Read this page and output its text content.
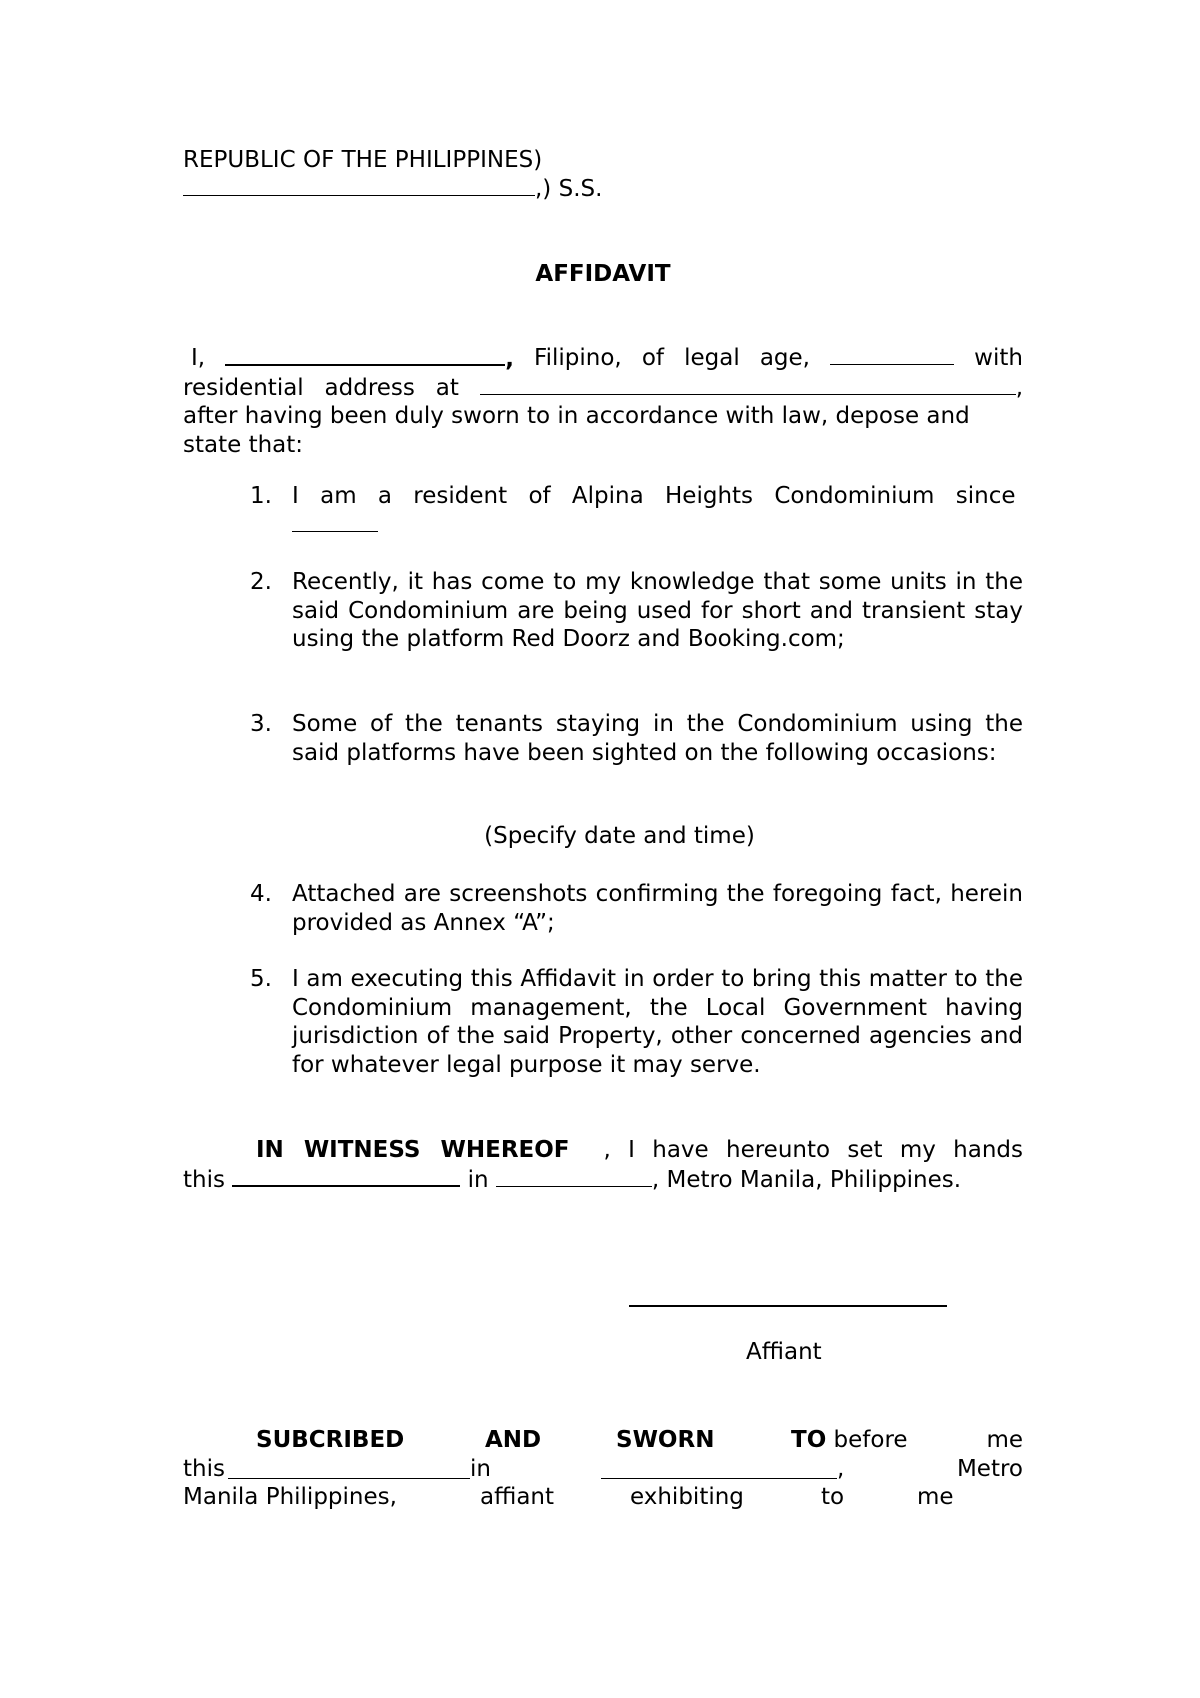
REPUBLIC OF THE PHILIPPINES)
,) S.S.
AFFIDAVIT
I,	, Filipino, of legal age,	with
residential address at	,
after having been duly sworn to in accordance with law, depose and
state that:
1. I am a resident of Alpina Heights Condominium since
2. Recently, it has come to my knowledge that some units in the said Condominium are being used for short and transient stay using the platform Red Doorz and Booking.com;
3. Some of the tenants staying in the Condominium using the said platforms have been sighted on the following occasions:
(Specify date and time)
4. Attached are screenshots confirming the foregoing fact, herein provided as Annex “A”;
5. I am executing this Affidavit in order to bring this matter to the Condominium management, the Local Government having jurisdiction of the said Property, other concerned agencies and for whatever legal purpose it may serve.
IN WITNESS WHEREOF , I have hereunto set my hands
this	in	, Metro Manila, Philippines.
Affiant
SUBCRIBED	AND	SWORN	TO before	me
this	in	,	Metro
Manila Philippines,	affiant	exhibiting	to	me
